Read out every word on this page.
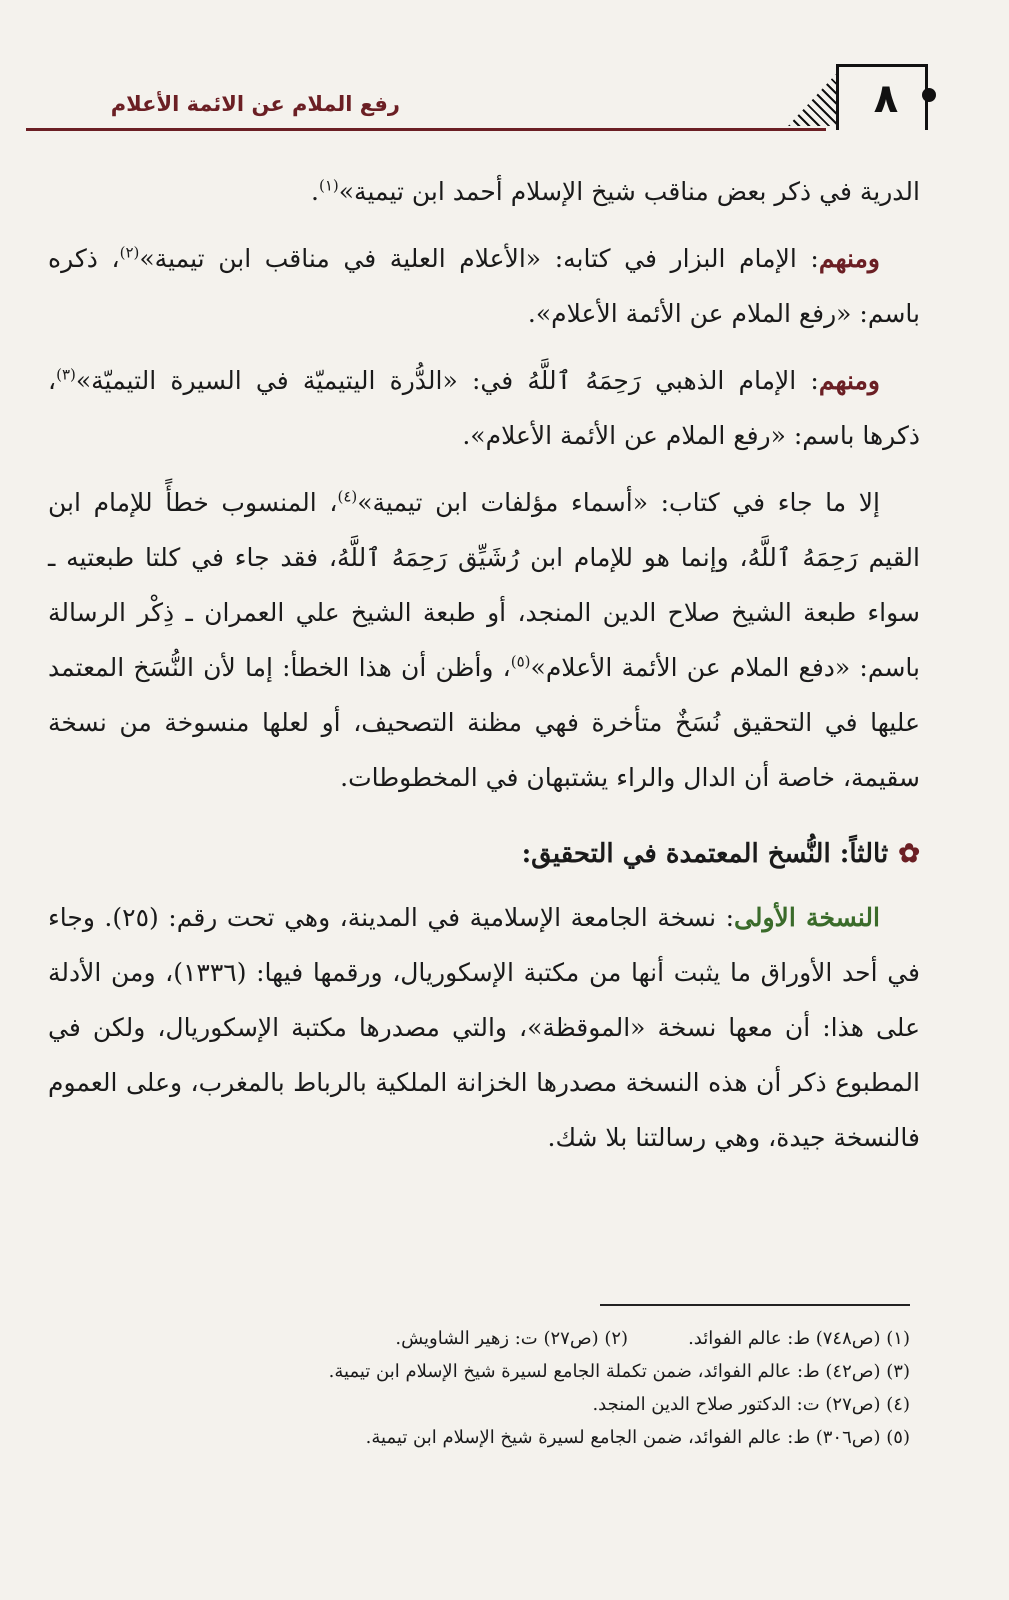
رفع الملام عن الائمة الأعلام	٨

الدرية في ذكر بعض مناقب شيخ الإسلام أحمد ابن تيمية»$^{(١)}$.

ومنهم: الإمام البزار في كتابه: «الأعلام العلية في مناقب ابن تيمية»$^{(٢)}$، ذكره باسم: «رفع الملام عن الأئمة الأعلام».

ومنهم: الإمام الذهبي رَحِمَهُ ٱللَّهُ في: «الدُّرة اليتيميّة في السيرة التيميّة»$^{(٣)}$، ذكرها باسم: «رفع الملام عن الأئمة الأعلام».

إلا ما جاء في كتاب: «أسماء مؤلفات ابن تيمية»$^{(٤)}$، المنسوب خطأً للإمام ابن القيم رَحِمَهُ ٱللَّهُ، وإنما هو للإمام ابن رُشَيِّق رَحِمَهُ ٱللَّهُ، فقد جاء في كلتا طبعتيه ـ سواء طبعة الشيخ صلاح الدين المنجد، أو طبعة الشيخ علي العمران ـ ذِكْر الرسالة باسم: «دفع الملام عن الأئمة الأعلام»$^{(٥)}$، وأظن أن هذا الخطأ: إما لأن النُّسَخ المعتمد عليها في التحقيق نُسَخٌ متأخرة فهي مظنة التصحيف، أو لعلها منسوخة من نسخة سقيمة، خاصة أن الدال والراء يشتبهان في المخطوطات.

✿ثالثاً: النُّسخ المعتمدة في التحقيق:

النسخة الأولى: نسخة الجامعة الإسلامية في المدينة، وهي تحت رقم: (٢٥). وجاء في أحد الأوراق ما يثبت أنها من مكتبة الإسكوريال، ورقمها فيها: (١٣٣٦)، ومن الأدلة على هذا: أن معها نسخة «الموقظة»، والتي مصدرها مكتبة الإسكوريال، ولكن في المطبوع ذكر أن هذه النسخة مصدرها الخزانة الملكية بالرباط بالمغرب، وعلى العموم فالنسخة جيدة، وهي رسالتنا بلا شك.

(١) (ص٧٤٨) ط: عالم الفوائد.(٢) (ص٢٧) ت: زهير الشاويش.
(٣) (ص٤٢) ط: عالم الفوائد، ضمن تكملة الجامع لسيرة شيخ الإسلام ابن تيمية.
(٤) (ص٢٧) ت: الدكتور صلاح الدين المنجد.
(٥) (ص٣٠٦) ط: عالم الفوائد، ضمن الجامع لسيرة شيخ الإسلام ابن تيمية.
